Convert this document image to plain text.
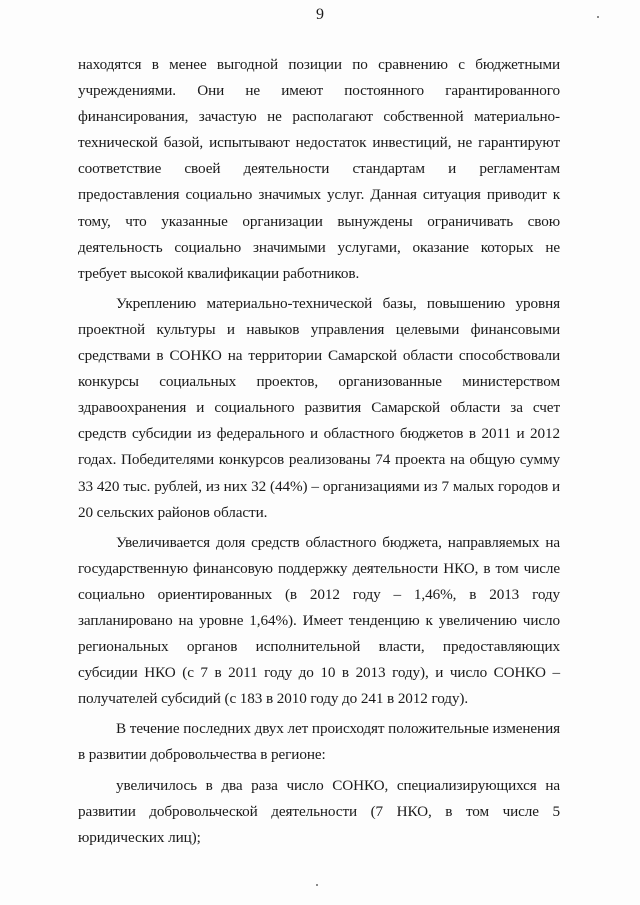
9

находятся в менее выгодной позиции по сравнению с бюджетными учреждениями. Они не имеют постоянного гарантированного финансирования, зачастую не располагают собственной материально-технической базой, испытывают недостаток инвестиций, не гарантируют соответствие своей деятельности стандартам и регламентам предоставления социально значимых услуг. Данная ситуация приводит к тому, что указанные организации вынуждены ограничивать свою деятельность социально значимыми услугами, оказание которых не требует высокой квалификации работников.

Укреплению материально-технической базы, повышению уровня проектной культуры и навыков управления целевыми финансовыми средствами в СОНКО на территории Самарской области способствовали конкурсы социальных проектов, организованные министерством здравоохранения и социального развития Самарской области за счет средств субсидии из федерального и областного бюджетов в 2011 и 2012 годах. Победителями конкурсов реализованы 74 проекта на общую сумму 33 420 тыс. рублей, из них 32 (44%) – организациями из 7 малых городов и 20 сельских районов области.

Увеличивается доля средств областного бюджета, направляемых на государственную финансовую поддержку деятельности НКО, в том числе социально ориентированных (в 2012 году – 1,46%, в 2013 году запланировано на уровне 1,64%). Имеет тенденцию к увеличению число региональных органов исполнительной власти, предоставляющих субсидии НКО (с 7 в 2011 году до 10 в 2013 году), и число СОНКО – получателей субсидий (с 183 в 2010 году до 241 в 2012 году).

В течение последних двух лет происходят положительные изменения в развитии добровольчества в регионе:

увеличилось в два раза число СОНКО, специализирующихся на развитии добровольческой деятельности (7 НКО, в том числе 5 юридических лиц);
